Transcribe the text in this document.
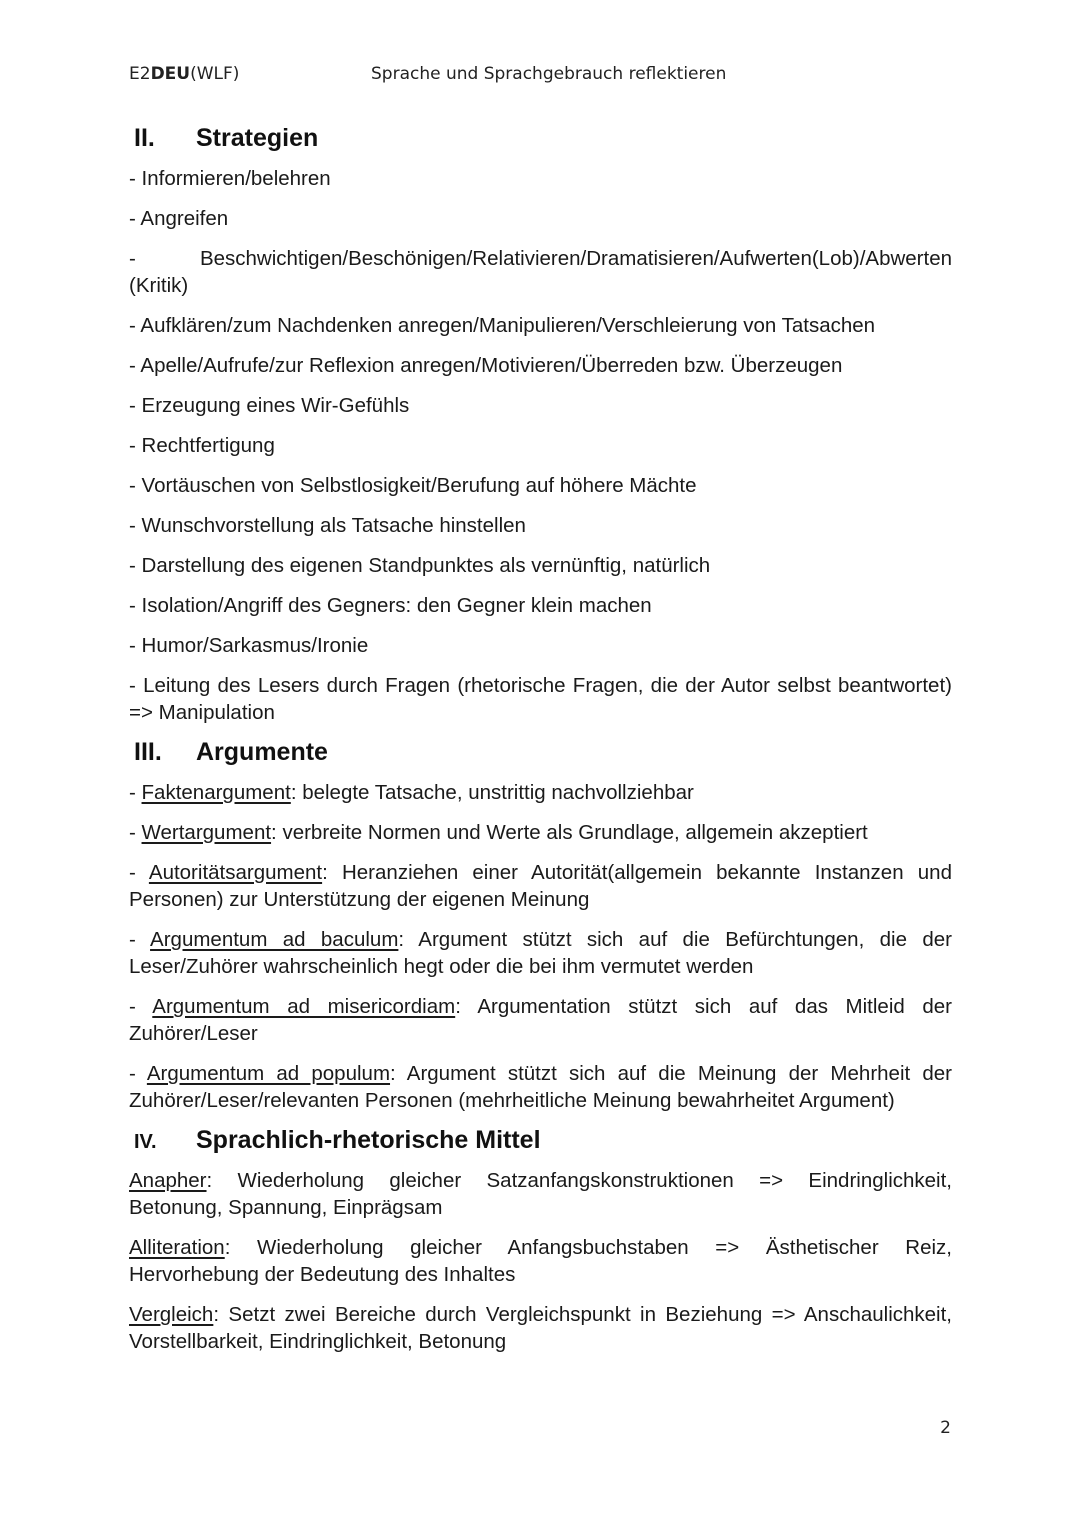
E2DEU(WLF)	Sprache und Sprachgebrauch reflektieren
II.	Strategien

- Informieren/belehren

- Angreifen

- Beschwichtigen/Beschönigen/Relativieren/Dramatisieren/Aufwerten(Lob)/Abwerten (Kritik)

- Aufklären/zum Nachdenken anregen/Manipulieren/Verschleierung von Tatsachen

- Apelle/Aufrufe/zur Reflexion anregen/Motivieren/Überreden bzw. Überzeugen

- Erzeugung eines Wir-Gefühls

- Rechtfertigung

- Vortäuschen von Selbstlosigkeit/Berufung auf höhere Mächte

- Wunschvorstellung als Tatsache hinstellen

- Darstellung des eigenen Standpunktes als vernünftig, natürlich

- Isolation/Angriff des Gegners: den Gegner klein machen

- Humor/Sarkasmus/Ironie

- Leitung des Lesers durch Fragen (rhetorische Fragen, die der Autor selbst beantwortet) => Manipulation

III.	Argumente

- Faktenargument: belegte Tatsache, unstrittig nachvollziehbar

- Wertargument: verbreite Normen und Werte als Grundlage, allgemein akzeptiert

- Autoritätsargument: Heranziehen einer Autorität(allgemein bekannte Instanzen und Personen) zur Unterstützung der eigenen Meinung

- Argumentum ad baculum: Argument stützt sich auf die Befürchtungen, die der Leser/Zuhörer wahrscheinlich hegt oder die bei ihm vermutet werden

- Argumentum ad misericordiam: Argumentation stützt sich auf das Mitleid der Zuhörer/Leser

- Argumentum ad populum: Argument stützt sich auf die Meinung der Mehrheit der Zuhörer/Leser/relevanten Personen (mehrheitliche Meinung bewahrheitet Argument)

IV.	Sprachlich-rhetorische Mittel

Anapher: Wiederholung gleicher Satzanfangskonstruktionen => Eindringlichkeit, Betonung, Spannung, Einprägsam

Alliteration: Wiederholung gleicher Anfangsbuchstaben => Ästhetischer Reiz, Hervorhebung der Bedeutung des Inhaltes

Vergleich: Setzt zwei Bereiche durch Vergleichspunkt in Beziehung => Anschaulichkeit, Vorstellbarkeit, Eindringlichkeit, Betonung

2
